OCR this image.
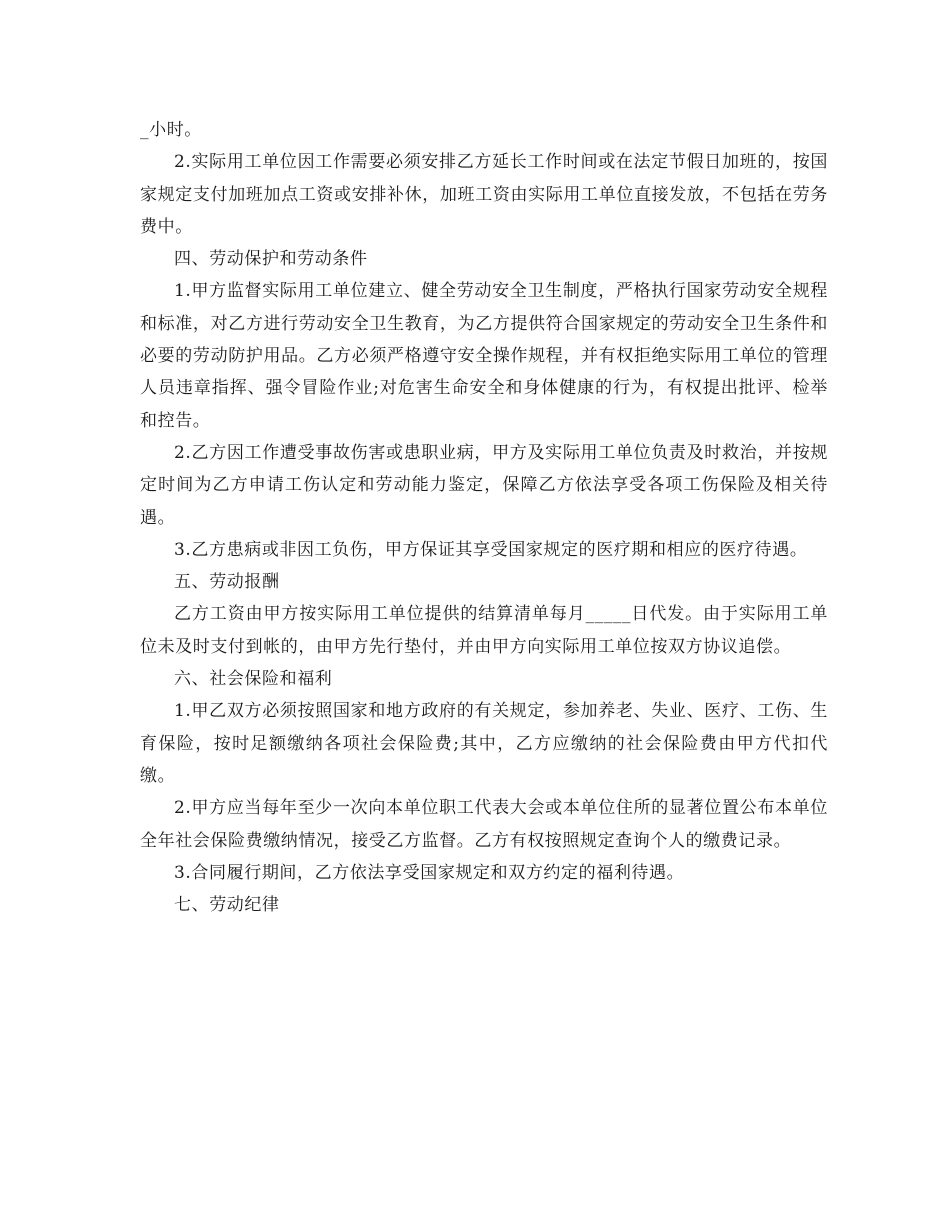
_小时。

2.实际用工单位因工作需要必须安排乙方延长工作时间或在法定节假日加班的，按国家规定支付加班加点工资或安排补休，加班工资由实际用工单位直接发放，不包括在劳务费中。

四、劳动保护和劳动条件

1.甲方监督实际用工单位建立、健全劳动安全卫生制度，严格执行国家劳动安全规程和标准，对乙方进行劳动安全卫生教育，为乙方提供符合国家规定的劳动安全卫生条件和必要的劳动防护用品。乙方必须严格遵守安全操作规程，并有权拒绝实际用工单位的管理人员违章指挥、强令冒险作业;对危害生命安全和身体健康的行为，有权提出批评、检举和控告。

2.乙方因工作遭受事故伤害或患职业病，甲方及实际用工单位负责及时救治，并按规定时间为乙方申请工伤认定和劳动能力鉴定，保障乙方依法享受各项工伤保险及相关待遇。

3.乙方患病或非因工负伤，甲方保证其享受国家规定的医疗期和相应的医疗待遇。

五、劳动报酬

乙方工资由甲方按实际用工单位提供的结算清单每月_____日代发。由于实际用工单位未及时支付到帐的，由甲方先行垫付，并由甲方向实际用工单位按双方协议追偿。

六、社会保险和福利

1.甲乙双方必须按照国家和地方政府的有关规定，参加养老、失业、医疗、工伤、生育保险，按时足额缴纳各项社会保险费;其中，乙方应缴纳的社会保险费由甲方代扣代缴。

2.甲方应当每年至少一次向本单位职工代表大会或本单位住所的显著位置公布本单位全年社会保险费缴纳情况，接受乙方监督。乙方有权按照规定查询个人的缴费记录。

3.合同履行期间，乙方依法享受国家规定和双方约定的福利待遇。

七、劳动纪律
